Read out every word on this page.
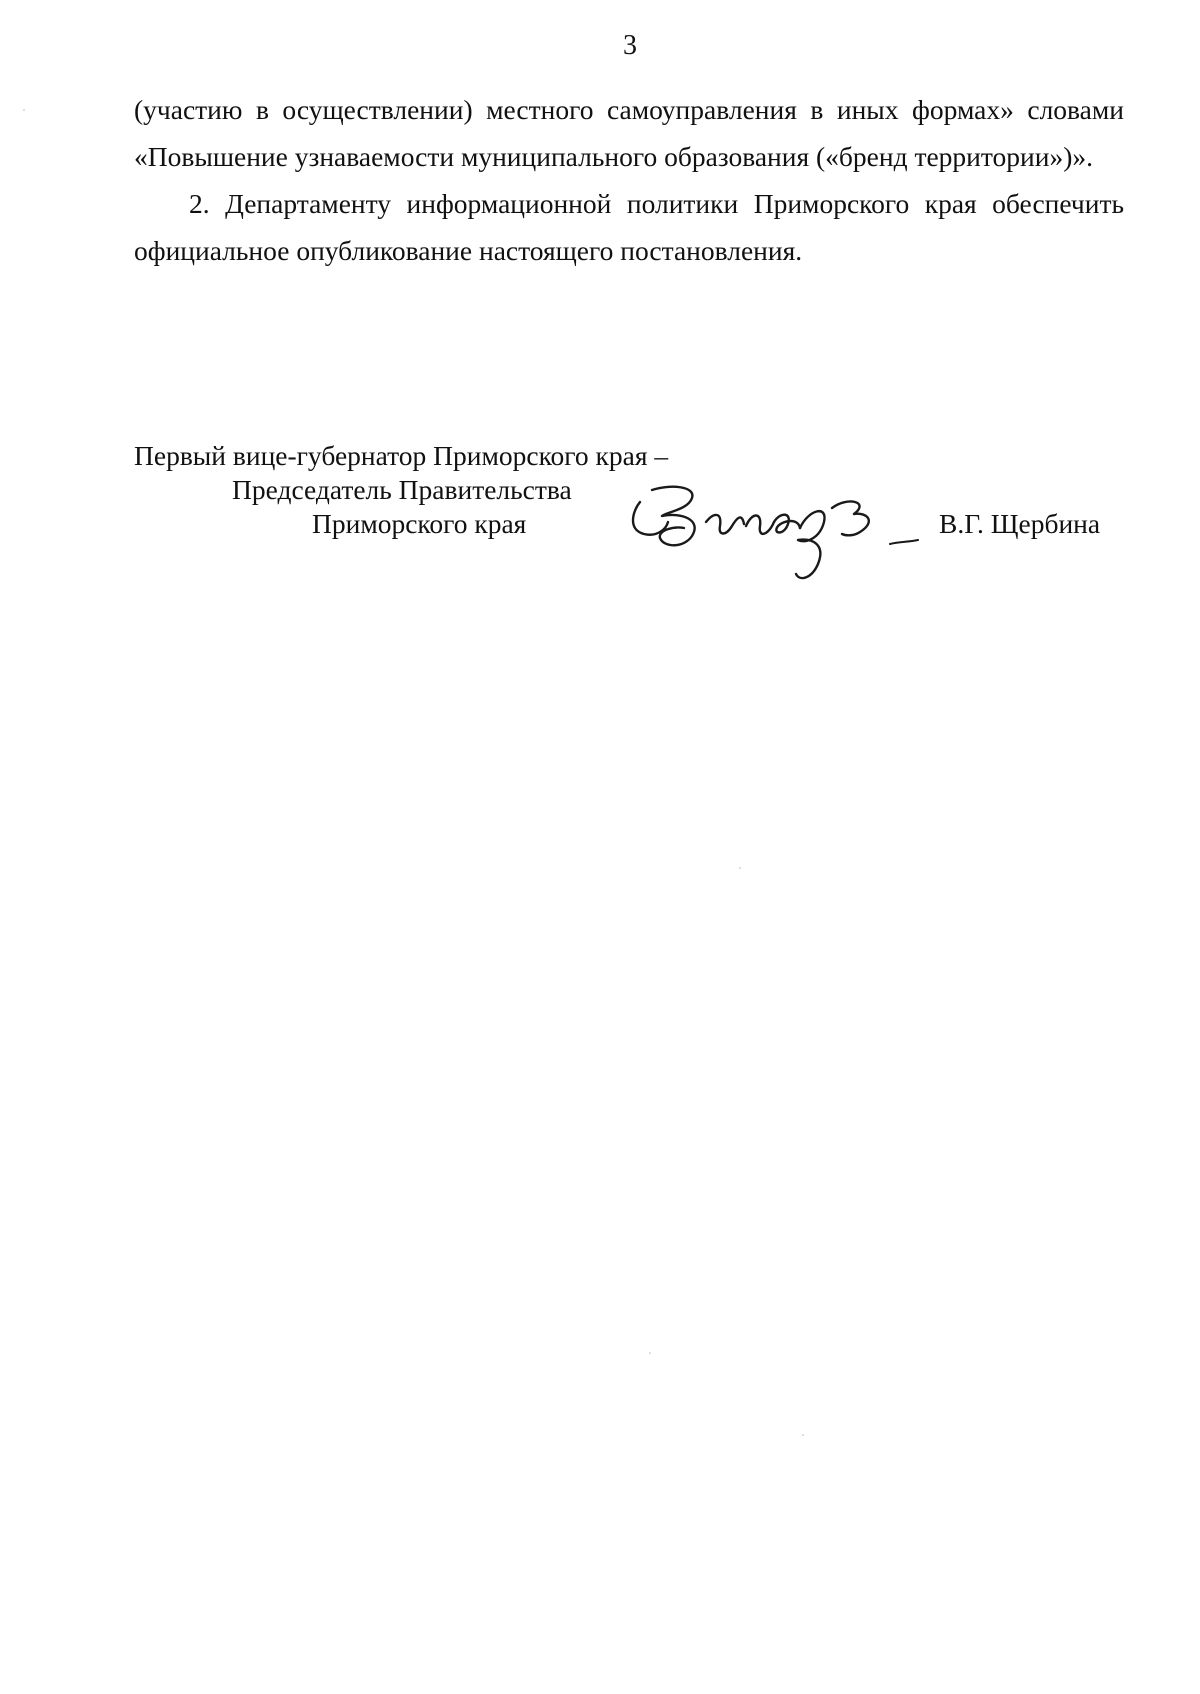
3

(участию в осуществлении) местного самоуправления в иных формах» словами «Повышение узнаваемости муниципального образования («бренд территории»)».

2. Департаменту информационной политики Приморского края обеспечить официальное опубликование настоящего постановления.

Первый вице-губернатор Приморского края –
Председатель Правительства
Приморского края	В.Г. Щербина
